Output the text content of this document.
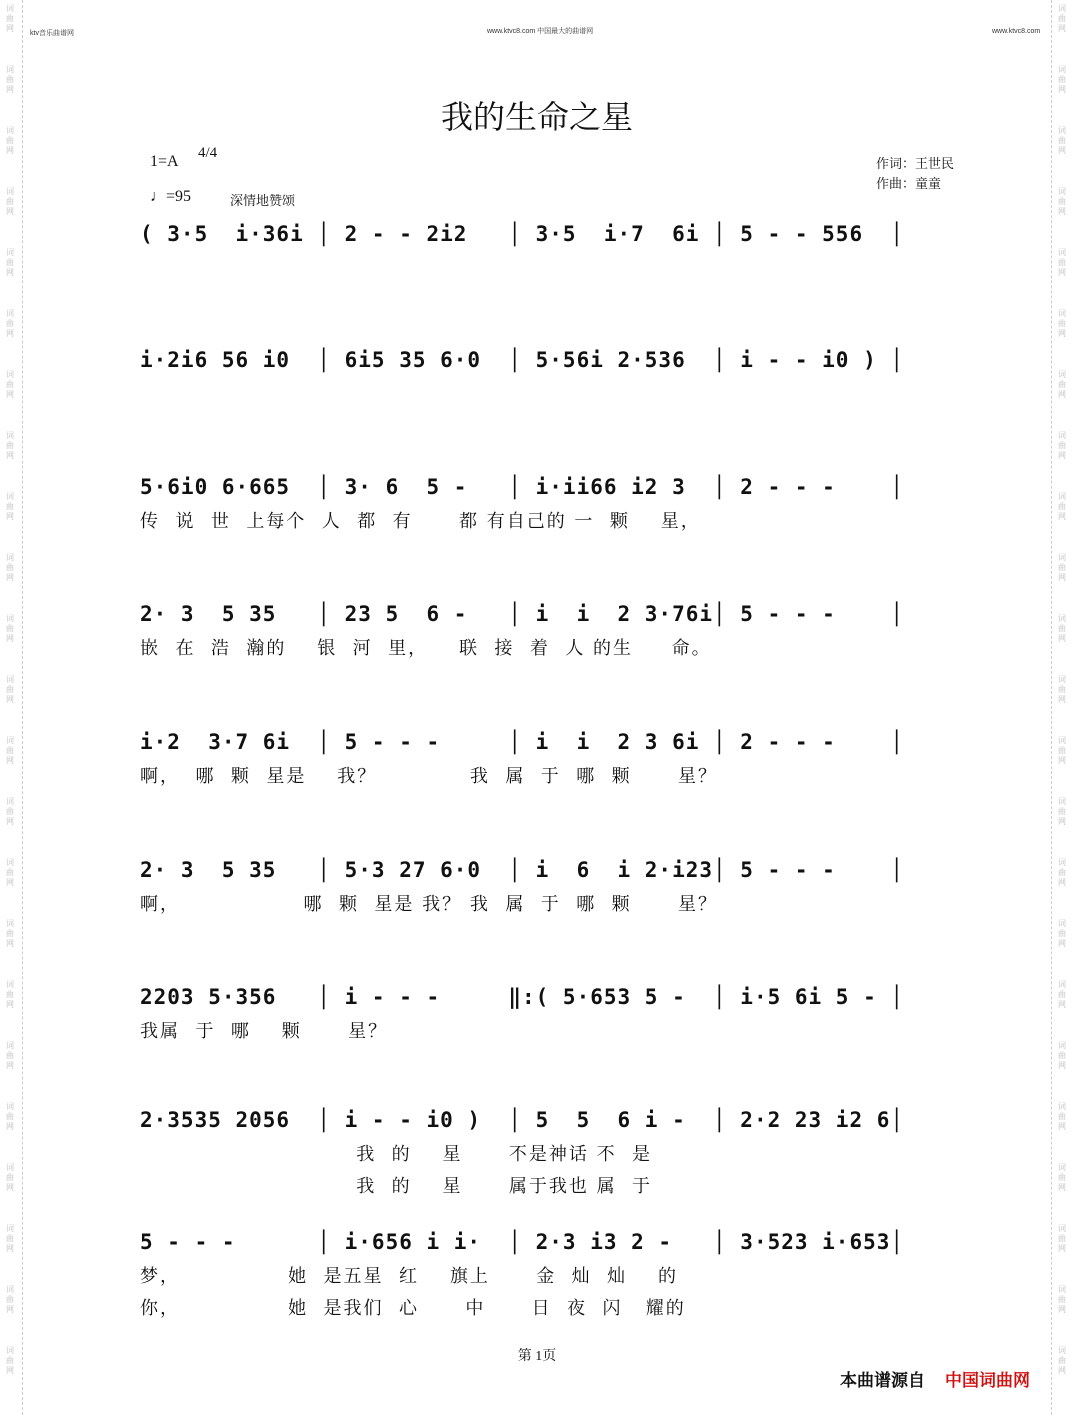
词曲网
词曲网
词曲网
词曲网
词曲网
词曲网
词曲网
词曲网
词曲网
词曲网
词曲网
词曲网
词曲网
词曲网
词曲网
词曲网
词曲网
词曲网
词曲网
词曲网
词曲网
词曲网
词曲网
词曲网
词曲网
词曲网
词曲网
词曲网
词曲网
词曲网
词曲网
词曲网
词曲网
词曲网
词曲网
词曲网
词曲网
词曲网
词曲网
词曲网
词曲网
词曲网
词曲网
词曲网
词曲网
词曲网
ktv音乐曲谱网	www.ktvc8.com 中国最大的曲谱网	www.ktvc8.com
我的生命之星
1=A 4/4
♩=95	深情地赞颂
作词：王世民
作曲：童童
( 3·5  i·36i │ 2 - - 2i2   │ 3·5  i·7  6i │ 5 - - 556  │
i·2i6 56 i0  │ 6i5 35 6·0  │ 5·56i 2·536  │ i - - i0 ) │
5·6i0 6·665  │ 3· 6  5 -   │ i·ii66 i2 3  │ 2 - - -    │
传  说  世  上每个  人  都  有      都 有自己的 一  颗    星，
2· 3  5 35   │ 23 5  6 -   │ i  i  2 3·76i│ 5 - - -    │
嵌  在  浩  瀚的    银  河  里，    联  接  着  人 的生     命。
i·2  3·7 6i  │ 5 - - -     │ i  i  2 3 6i │ 2 - - -    │
啊，  哪  颗  星是    我？            我  属  于  哪  颗      星？
2· 3  5 35   │ 5·3 27 6·0  │ i  6  i 2·i23│ 5 - - -    │
啊，                哪  颗  星是 我？ 我  属  于  哪  颗      星？
2203 5·356   │ i - - -     ‖:( 5·653 5 -  │ i·5 6i 5 - │
我属  于  哪    颗      星？
2·3535 2056  │ i - - i0 )  │ 5  5  6 i -  │ 2·2 23 i2 6│
我  的    星      不是神话 不  是
我  的    星      属于我也 属  于
5 - - -      │ i·656 i i·  │ 2·3 i3 2 -   │ 3·523 i·653│
梦，              她  是五星  红    旗上      金  灿  灿    的
你，              她  是我们  心      中      日  夜  闪   耀的
第 1页
本曲谱源自 中国词曲网
